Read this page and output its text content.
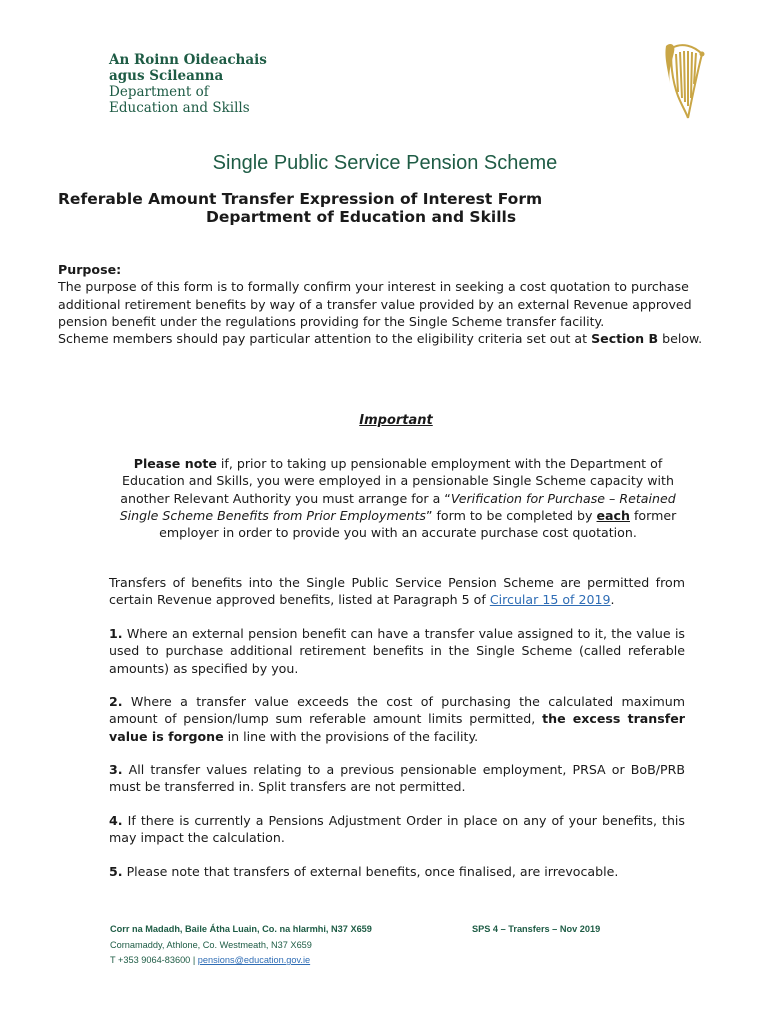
An Roinn Oideachais
agus Scileanna
Department of
Education and Skills
Single Public Service Pension Scheme
Referable Amount Transfer Expression of Interest Form
Department of Education and Skills

Purpose:

The purpose of this form is to formally confirm your interest in seeking a cost quotation to purchase additional retirement benefits by way of a transfer value provided by an external Revenue approved pension benefit under the regulations providing for the Single Scheme transfer facility.

Scheme members should pay particular attention to the eligibility criteria set out at Section B below.

Important

Please note if, prior to taking up pensionable employment with the Department of Education and Skills, you were employed in a pensionable Single Scheme capacity with another Relevant Authority you must arrange for a “Verification for Purchase – Retained Single Scheme Benefits from Prior Employments” form to be completed by each former employer in order to provide you with an accurate purchase cost quotation.

Transfers of benefits into the Single Public Service Pension Scheme are permitted from certain Revenue approved benefits, listed at Paragraph 5 of Circular 15 of 2019.

1. Where an external pension benefit can have a transfer value assigned to it, the value is used to purchase additional retirement benefits in the Single Scheme (called referable amounts) as specified by you.

2. Where a transfer value exceeds the cost of purchasing the calculated maximum amount of pension/lump sum referable amount limits permitted, the excess transfer value is forgone in line with the provisions of the facility.

3. All transfer values relating to a previous pensionable employment, PRSA or BoB/PRB must be transferred in. Split transfers are not permitted.

4. If there is currently a Pensions Adjustment Order in place on any of your benefits, this may impact the calculation.

5. Please note that transfers of external benefits, once finalised, are irrevocable.

Corr na Madadh, Baile Átha Luain, Co. na hIarmhi, N37 X659
Cornamaddy, Athlone, Co. Westmeath, N37 X659
T +353 9064-83600 | pensions@education.gov.ie
SPS 4 – Transfers – Nov 2019
